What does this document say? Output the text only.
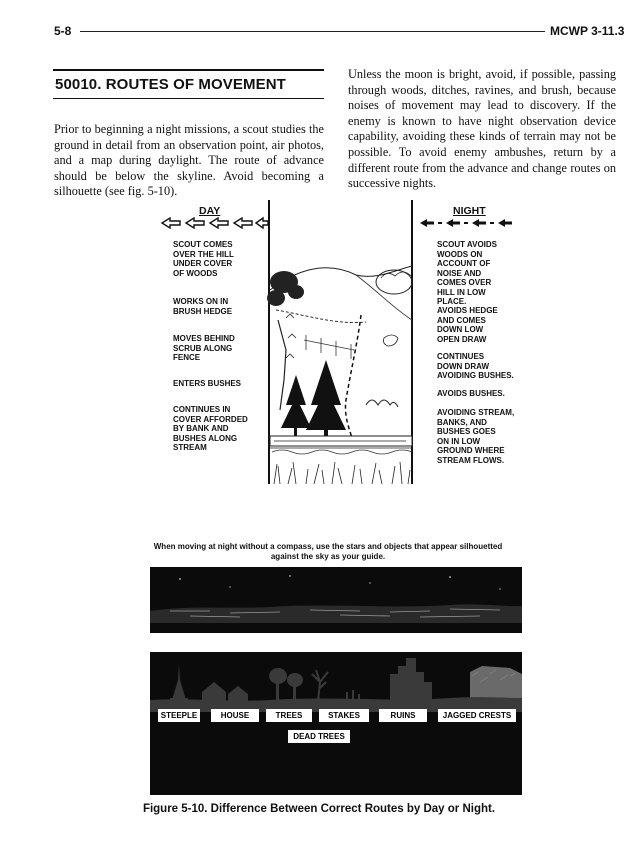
5-8	MCWP 3-11.3
50010. ROUTES OF MOVEMENT
Prior to beginning a night missions, a scout studies the ground in detail from an observation point, air photos, and a map during daylight. The route of advance should be below the skyline. Avoid becoming a silhouette (see fig. 5-10).
Unless the moon is bright, avoid, if possible, passing through woods, ditches, ravines, and brush, because noises of movement may lead to discovery. If the enemy is known to have night observation device capability, avoiding these kinds of terrain may not be possible. To avoid enemy ambushes, return by a different route from the advance and change routes on successive nights.
DAY	NIGHT
SCOUT COMES
OVER THE HILL
UNDER COVER
OF WOODS
WORKS ON IN
BRUSH HEDGE
MOVES BEHIND
SCRUB ALONG
FENCE
ENTERS BUSHES
CONTINUES IN
COVER AFFORDED
BY BANK AND
BUSHES ALONG
STREAM
SCOUT AVOIDS
WOODS ON
ACCOUNT OF
NOISE AND
COMES OVER
HILL IN LOW
PLACE.
AVOIDS HEDGE
AND COMES
DOWN LOW
OPEN DRAW
CONTINUES
DOWN DRAW
AVOIDING BUSHES.
AVOIDS BUSHES.
AVOIDING STREAM,
BANKS, AND
BUSHES GOES
ON IN LOW
GROUND WHERE
STREAM FLOWS.
When moving at night without a compass, use the stars and objects that appear silhouetted against the sky as your guide.
STEEPLE	HOUSE	TREES	STAKES	RUINS	JAGGED CRESTS
DEAD TREES
Figure 5-10. Difference Between Correct Routes by Day or Night.
